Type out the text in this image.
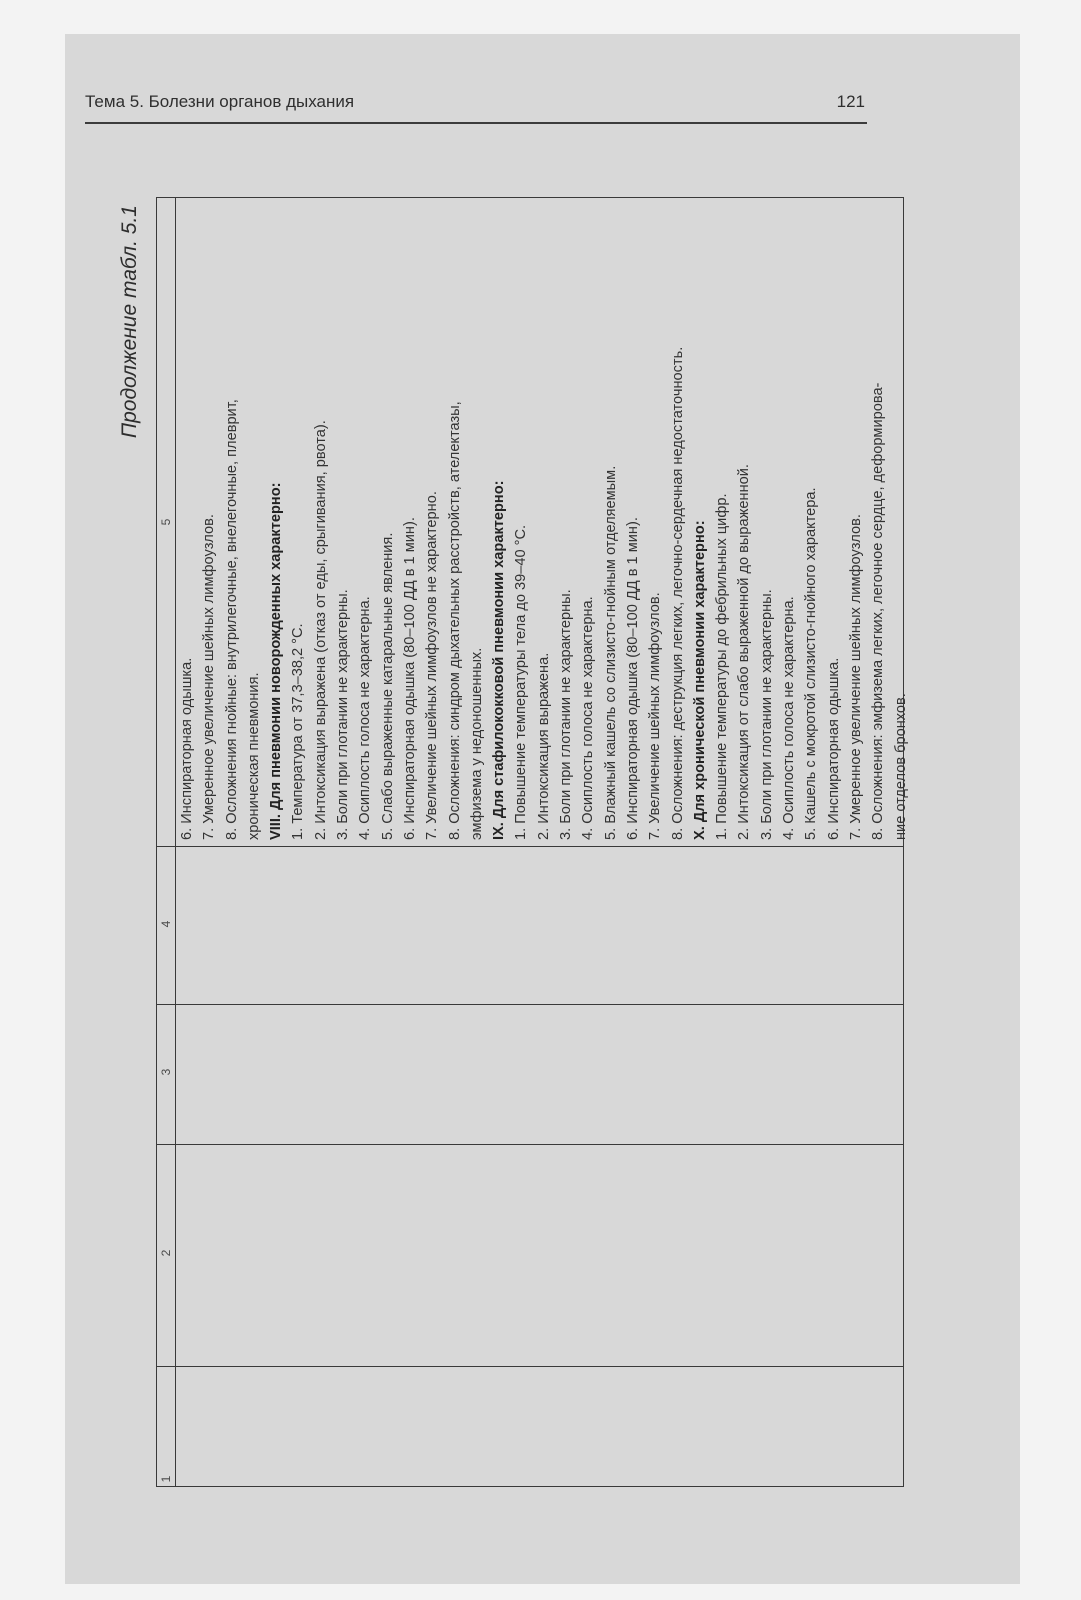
Тема 5. Болезни органов дыхания	121
Продолжение табл. 5.1
1
2
3
4
5
6. Инспираторная одышка. 7. Умеренное увеличение шейных лимфоузлов. 8. Осложнения гнойные: внутрилегочные, внелегочные, плеврит, хроническая пневмония. VIII. Для пневмонии новорожденных характерно: 1. Температура от 37,3–38,2 °С. 2. Интоксикация выражена (отказ от еды, срыгивания, рвота). 3. Боли при глотании не характерны. 4. Осиплость голоса не характерна. 5. Слабо выраженные катаральные явления. 6. Инспираторная одышка (80–100 ДД в 1 мин). 7. Увеличение шейных лимфоузлов не характерно. 8. Осложнения: синдром дыхательных расстройств, ателектазы, эмфизема у недоношенных. IX. Для стафилококковой пневмонии характерно: 1. Повышение температуры тела до 39–40 °С. 2. Интоксикация выражена. 3. Боли при глотании не характерны. 4. Осиплость голоса не характерна. 5. Влажный кашель со слизисто-гнойным отделяемым. 6. Инспираторная одышка (80–100 ДД в 1 мин). 7. Увеличение шейных лимфоузлов. 8. Осложнения: деструкция легких, легочно-сердечная недостаточность. X. Для хронической пневмонии характерно: 1. Повышение температуры до фебрильных цифр. 2. Интоксикация от слабо выраженной до выраженной. 3. Боли при глотании не характерны. 4. Осиплость голоса не характерна. 5. Кашель с мокротой слизисто-гнойного характера. 6. Инспираторная одышка. 7. Умеренное увеличение шейных лимфоузлов. 8. Осложнения: эмфизема легких, легочное сердце, деформирова- ние отделов бронхов.
